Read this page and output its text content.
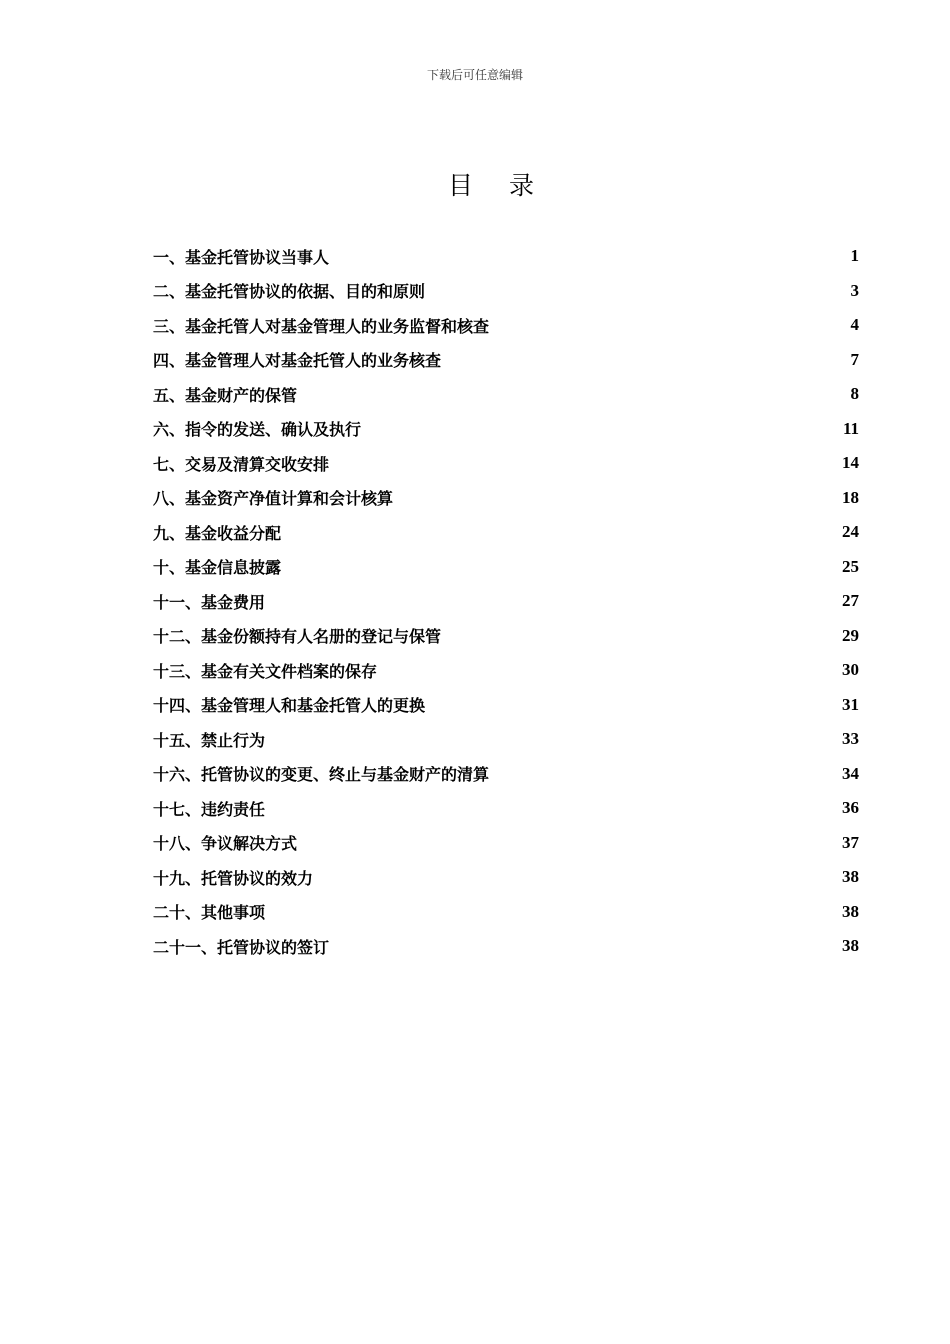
下载后可任意编辑
目 录
一、基金托管协议当事人	1
二、基金托管协议的依据、目的和原则	3
三、基金托管人对基金管理人的业务监督和核查	4
四、基金管理人对基金托管人的业务核查	7
五、基金财产的保管	8
六、指令的发送、确认及执行	11
七、交易及清算交收安排	14
八、基金资产净值计算和会计核算	18
九、基金收益分配	24
十、基金信息披露	25
十一、基金费用	27
十二、基金份额持有人名册的登记与保管	29
十三、基金有关文件档案的保存	30
十四、基金管理人和基金托管人的更换	31
十五、禁止行为	33
十六、托管协议的变更、终止与基金财产的清算	34
十七、违约责任	36
十八、争议解决方式	37
十九、托管协议的效力	38
二十、其他事项	38
二十一、托管协议的签订	38
